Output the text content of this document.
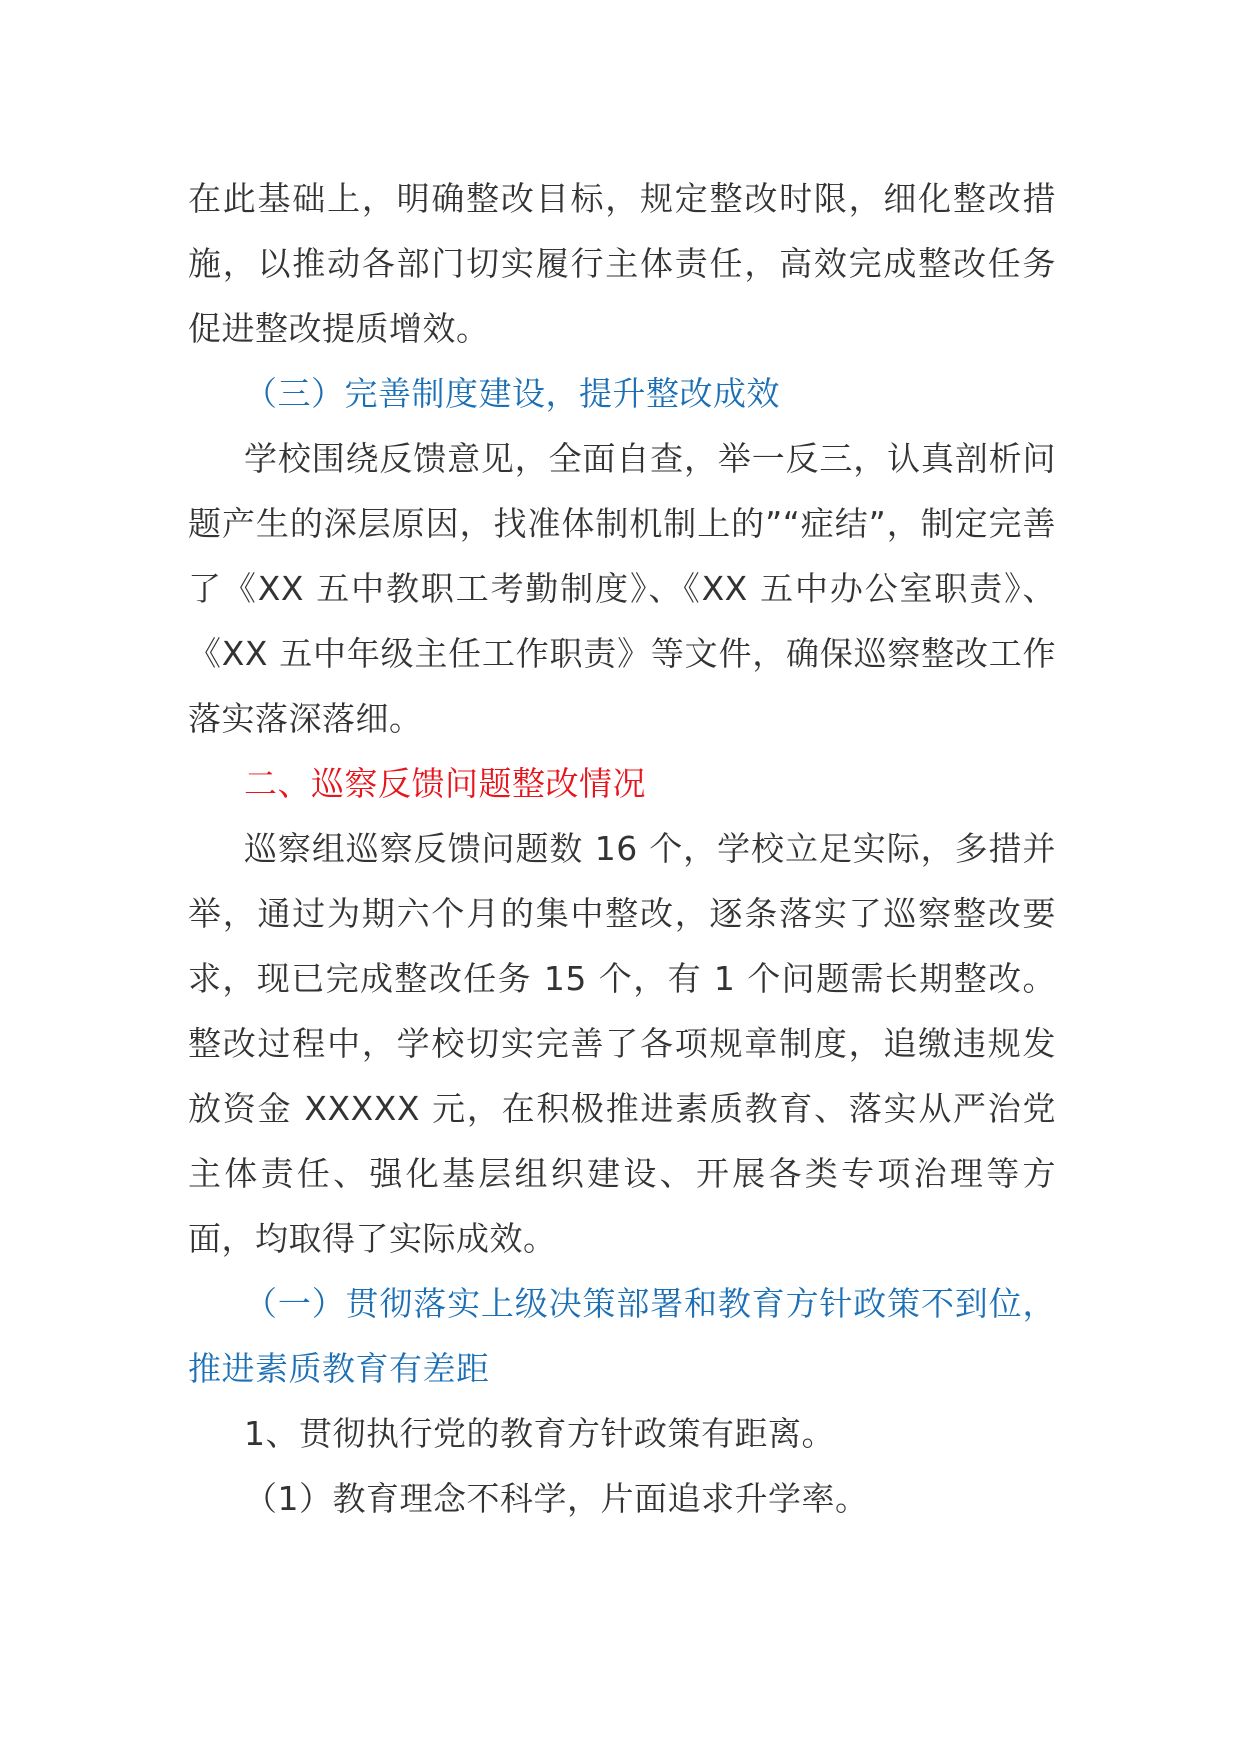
在此基础上，明确整改目标，规定整改时限，细化整改措施，以推动各部门切实履行主体责任，高效完成整改任务促进整改提质增效。

（三）完善制度建设，提升整改成效

学校围绕反馈意见，全面自查，举一反三，认真剖析问题产生的深层原因，找准体制机制上的”“症结”，制定完善了《XX 五中教职工考勤制度》、《XX 五中办公室职责》、《XX 五中年级主任工作职责》等文件，确保巡察整改工作落实落深落细。

二、巡察反馈问题整改情况

巡察组巡察反馈问题数 16 个，学校立足实际，多措并举，通过为期六个月的集中整改，逐条落实了巡察整改要求，现已完成整改任务 15 个，有 1 个问题需长期整改。整改过程中，学校切实完善了各项规章制度，追缴违规发放资金 XXXXX 元，在积极推进素质教育、落实从严治党主体责任、强化基层组织建设、开展各类专项治理等方面，均取得了实际成效。

（一）贯彻落实上级决策部署和教育方针政策不到位，推进素质教育有差距

1、贯彻执行党的教育方针政策有距离。

（1）教育理念不科学，片面追求升学率。
